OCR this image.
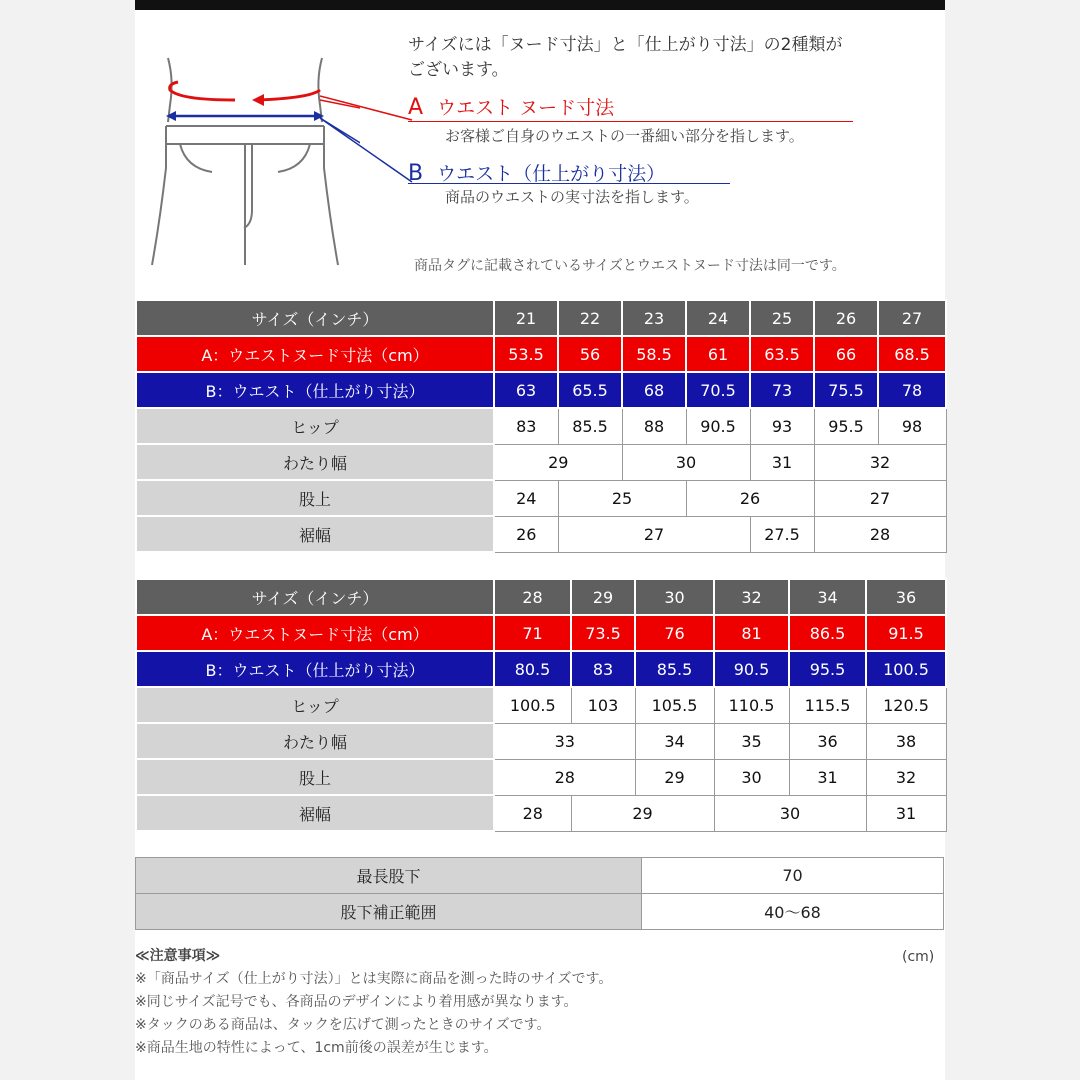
サイズには「ヌード寸法」と「仕上がり寸法」の2種類が
ございます。
A ウエスト ヌード寸法
お客様ご自身のウエストの一番細い部分を指します。
B ウエスト（仕上がり寸法）
商品のウエストの実寸法を指します。
商品タグに記載されているサイズとウエストヌード寸法は同一です。
サイズ（インチ）	21	22	23	24	25	26	27
A：ウエストヌード寸法（cm）	53.5	56	58.5	61	63.5	66	68.5
B：ウエスト（仕上がり寸法）	63	65.5	68	70.5	73	75.5	78
ヒップ	83	85.5	88	90.5	93	95.5	98
わたり幅	29		30		31	32	
股上	24	25		26		27	
裾幅	26	27			27.5	28	
サイズ（インチ）	28	29	30	32	34	36
A：ウエストヌード寸法（cm）	71	73.5	76	81	86.5	91.5
B：ウエスト（仕上がり寸法）	80.5	83	85.5	90.5	95.5	100.5
ヒップ	100.5	103	105.5	110.5	115.5	120.5
わたり幅	33		34	35	36	38
股上	28		29	30	31	32
裾幅	28	29		30		31
最長股下	70
股下補正範囲	40〜68
≪注意事項≫
※「商品サイズ（仕上がり寸法）」とは実際に商品を測った時のサイズです。
※同じサイズ記号でも、各商品のデザインにより着用感が異なります。
※タックのある商品は、タックを広げて測ったときのサイズです。
※商品生地の特性によって、1cm前後の誤差が生じます。
(cm)
